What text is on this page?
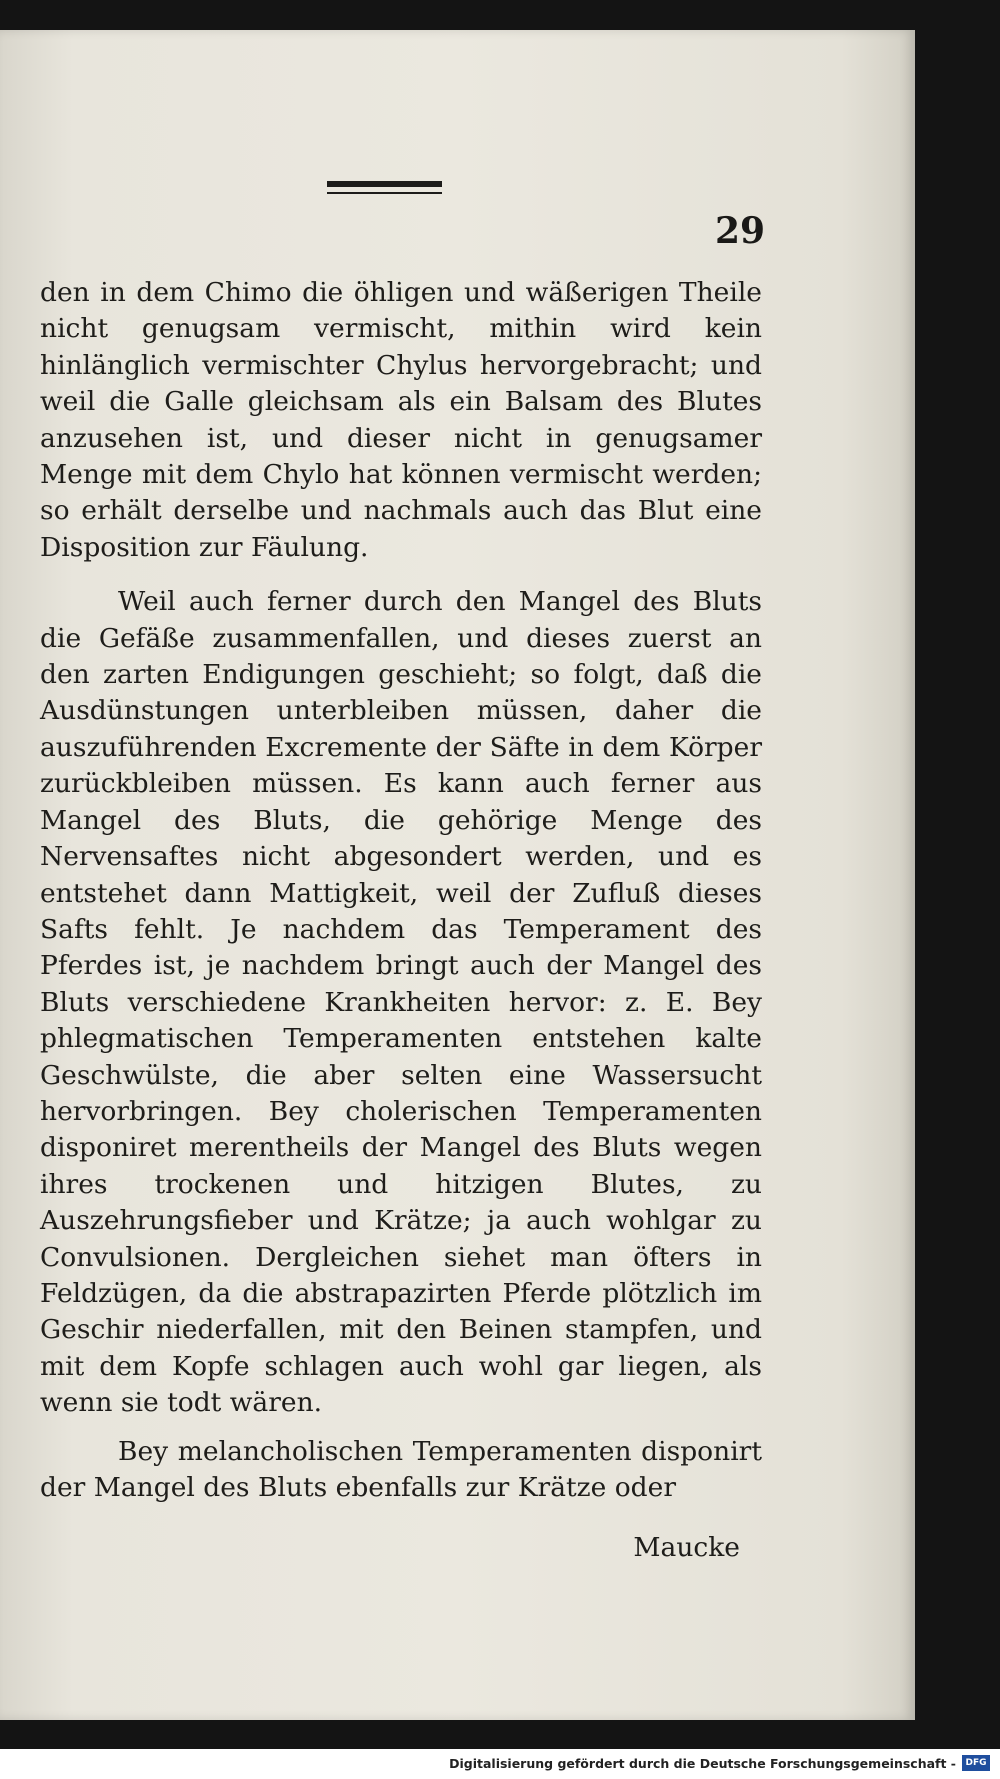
29

den in dem Chimo die öhligen und wäßerigen Theile nicht genugsam vermischt, mithin wird kein hinlänglich vermischter Chylus hervorgebracht; und weil die Galle gleichsam als ein Balsam des Blutes anzusehen ist, und dieser nicht in genugsamer Menge mit dem Chylo hat können vermischt werden; so erhält derselbe und nachmals auch das Blut eine Disposition zur Fäulung.

Weil auch ferner durch den Mangel des Bluts die Gefäße zusammenfallen, und dieses zuerst an den zarten Endigungen geschieht; so folgt, daß die Ausdünstungen unterbleiben müssen, daher die auszuführenden Excremente der Säfte in dem Körper zurückbleiben müssen. Es kann auch ferner aus Mangel des Bluts, die gehörige Menge des Nervensaftes nicht abgesondert werden, und es entstehet dann Mattigkeit, weil der Zufluß dieses Safts fehlt. Je nachdem das Temperament des Pferdes ist, je nachdem bringt auch der Mangel des Bluts verschiedene Krankheiten hervor: z. E. Bey phlegmatischen Temperamenten entstehen kalte Geschwülste, die aber selten eine Wassersucht hervorbringen. Bey cholerischen Temperamenten disponiret merentheils der Mangel des Bluts wegen ihres trockenen und hitzigen Blutes, zu Auszehrungsfieber und Krätze; ja auch wohlgar zu Convulsionen. Dergleichen siehet man öfters in Feldzügen, da die abstrapazirten Pferde plötzlich im Geschir niederfallen, mit den Beinen stampfen, und mit dem Kopfe schlagen auch wohl gar liegen, als wenn sie todt wären.

Bey melancholischen Temperamenten disponirt der Mangel des Bluts ebenfalls zur Krätze oder

Maucke
Digitalisierung gefördert durch die Deutsche Forschungsgemeinschaft -	DFG
